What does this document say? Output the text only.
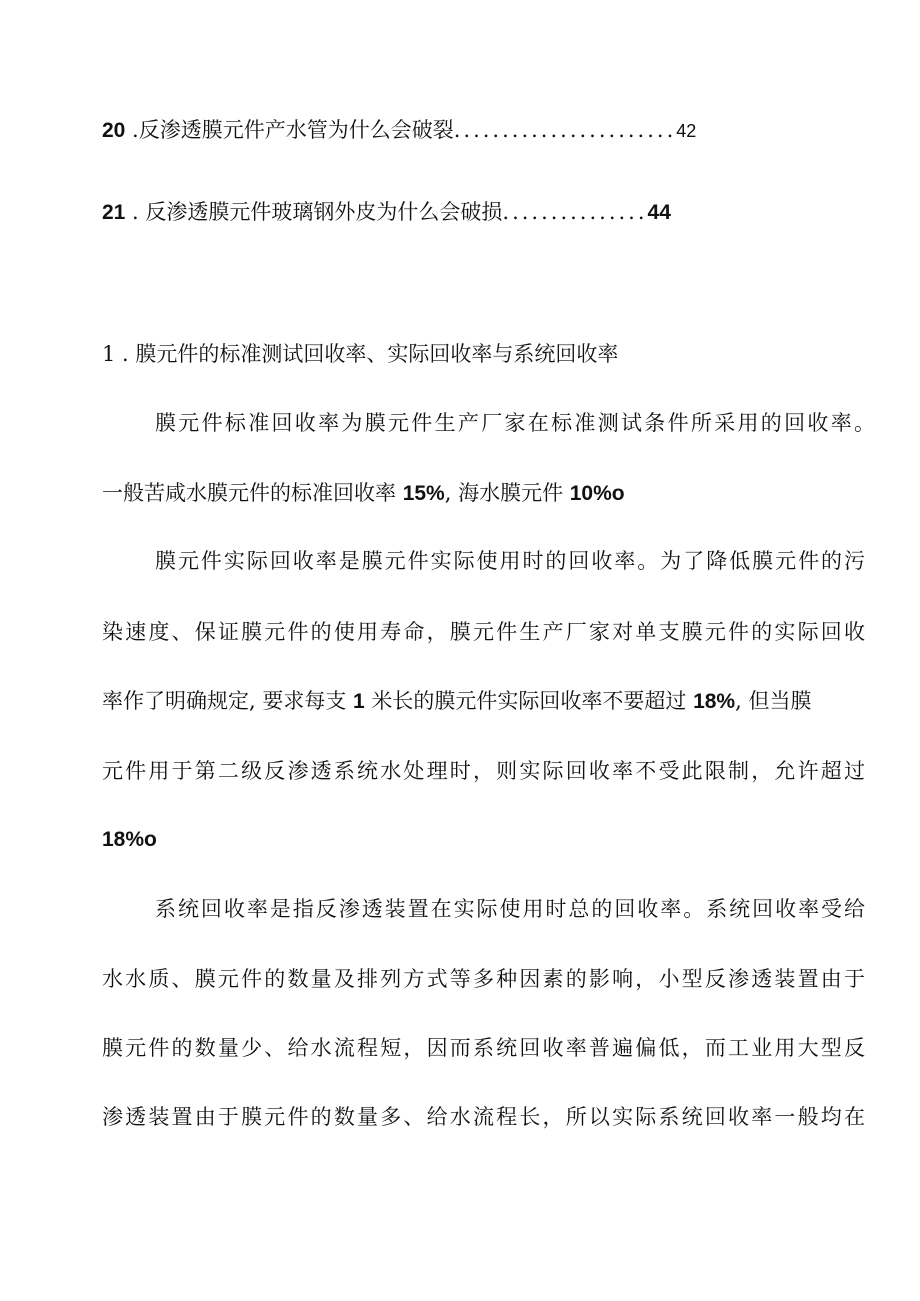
20 .反渗透膜元件产水管为什么会破裂.......................42
21 . 反渗透膜元件玻璃钢外皮为什么会破损...............44
1 . 膜元件的标准测试回收率、实际回收率与系统回收率
膜元件标准回收率为膜元件生产厂家在标准测试条件所采用的回收率。
一般苦咸水膜元件的标准回收率 15%, 海水膜元件 10%o
膜元件实际回收率是膜元件实际使用时的回收率。为了降低膜元件的污
染速度、保证膜元件的使用寿命，膜元件生产厂家对单支膜元件的实际回收
率作了明确规定, 要求每支 1 米长的膜元件实际回收率不要超过 18%, 但当膜
元件用于第二级反渗透系统水处理时，则实际回收率不受此限制，允许超过
18%o
系统回收率是指反渗透装置在实际使用时总的回收率。系统回收率受给
水水质、膜元件的数量及排列方式等多种因素的影响，小型反渗透装置由于
膜元件的数量少、给水流程短，因而系统回收率普遍偏低，而工业用大型反
渗透装置由于膜元件的数量多、给水流程长，所以实际系统回收率一般均在
